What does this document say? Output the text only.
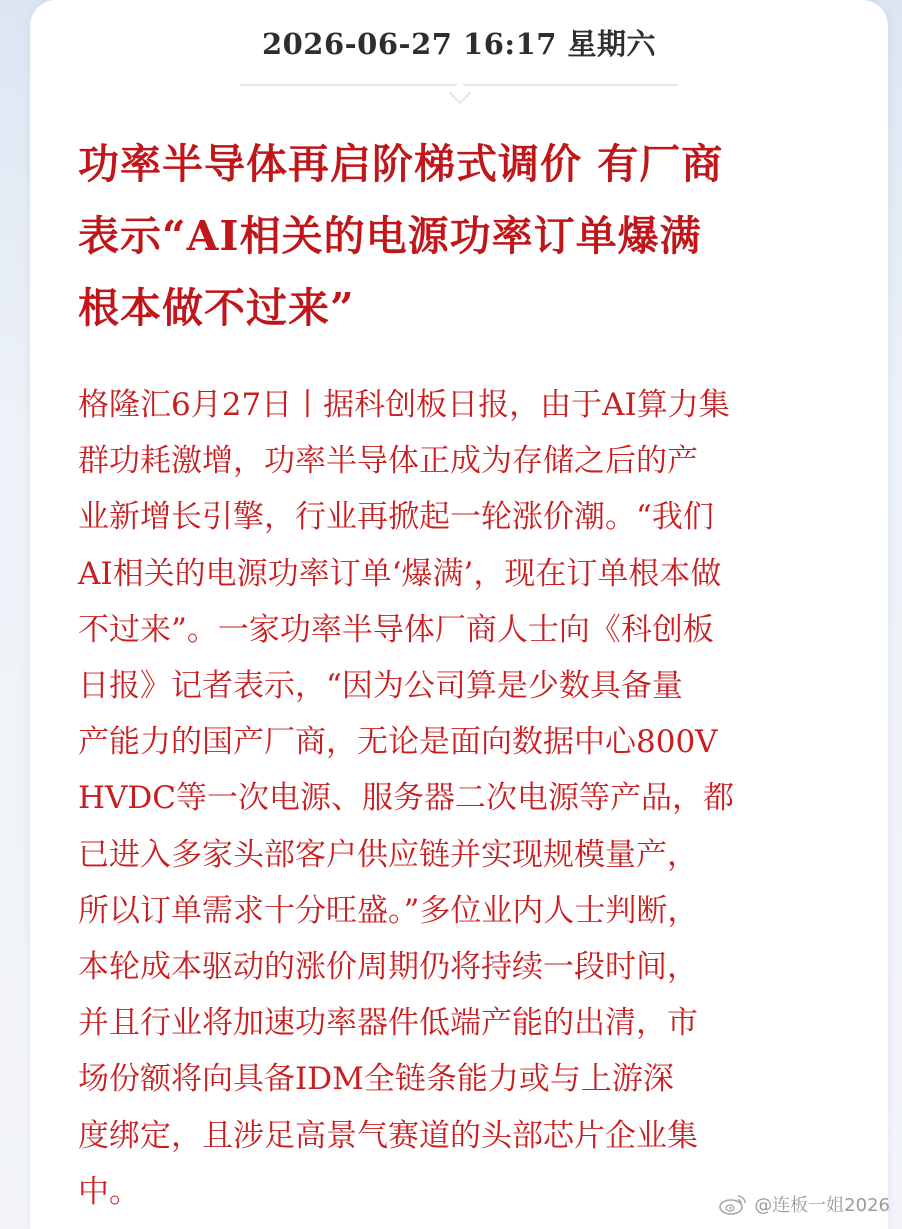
2026-06-27 16:17 星期六
功率半导体再启阶梯式调价 有厂商
表示“AI相关的电源功率订单爆满
根本做不过来”
格隆汇6月27日丨据科创板日报，由于AI算力集
群功耗激增，功率半导体正成为存储之后的产
业新增长引擎，行业再掀起一轮涨价潮。“我们
AI相关的电源功率订单‘爆满’，现在订单根本做
不过来”。一家功率半导体厂商人士向《科创板
日报》记者表示，“因为公司算是少数具备量
产能力的国产厂商，无论是面向数据中心800V
HVDC等一次电源、服务器二次电源等产品，都
已进入多家头部客户供应链并实现规模量产，
所以订单需求十分旺盛。”多位业内人士判断，
本轮成本驱动的涨价周期仍将持续一段时间，
并且行业将加速功率器件低端产能的出清，市
场份额将向具备IDM全链条能力或与上游深
度绑定，且涉足高景气赛道的头部芯片企业集
中。	@连板一姐2026
